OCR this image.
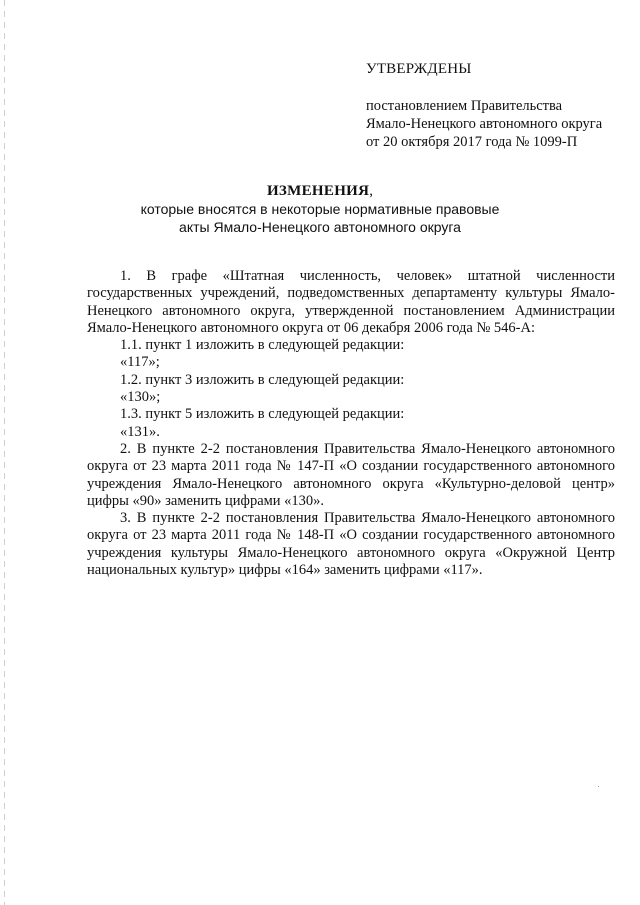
УТВЕРЖДЕНЫ
постановлением Правительства
Ямало-Ненецкого автономного округа
от 20 октября 2017 года № 1099-П
ИЗМЕНЕНИЯ,
которые вносятся в некоторые нормативные правовые
акты Ямало-Ненецкого автономного округа

1. В графе «Штатная численность, человек» штатной численности государственных учреждений, подведомственных департаменту культуры Ямало-Ненецкого автономного округа, утвержденной постановлением Администрации Ямало-Ненецкого автономного округа от 06 декабря 2006 года № 546-А:

1.1. пункт 1 изложить в следующей редакции:

«117»;

1.2. пункт 3 изложить в следующей редакции:

«130»;

1.3. пункт 5 изложить в следующей редакции:

«131».

2. В пункте 2-2 постановления Правительства Ямало-Ненецкого автономного округа от 23 марта 2011 года № 147-П «О создании государственного автономного учреждения Ямало-Ненецкого автономного округа «Культурно-деловой центр» цифры «90» заменить цифрами «130».

3. В пункте 2-2 постановления Правительства Ямало-Ненецкого автономного округа от 23 марта 2011 года № 148-П «О создании государственного автономного учреждения культуры Ямало-Ненецкого автономного округа «Окружной Центр национальных культур» цифры «164» заменить цифрами «117».
